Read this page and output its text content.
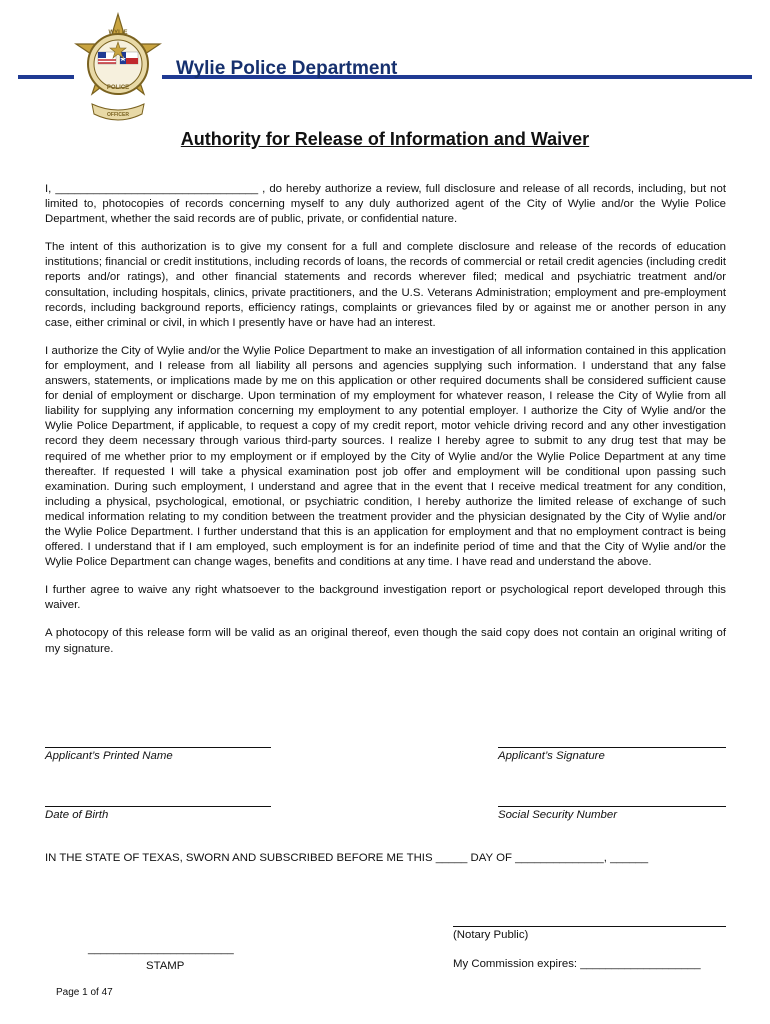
WYLIE
POLICE
OFFICER
Wylie Police Department
Authority for Release of Information and Waiver

I, ________________________________ , do hereby authorize a review, full disclosure and release of all records, including, but not limited to, photocopies of records concerning myself to any duly authorized agent of the City of Wylie and/or the Wylie Police Department, whether the said records are of public, private, or confidential nature.

The intent of this authorization is to give my consent for a full and complete disclosure and release of the records of education institutions; financial or credit institutions, including records of loans, the records of commercial or retail credit agencies (including credit reports and/or ratings), and other financial statements and records wherever filed; medical and psychiatric treatment and/or consultation, including hospitals, clinics, private practitioners, and the U.S. Veterans Administration; employment and pre-employment records, including background reports, efficiency ratings, complaints or grievances filed by or against me or another person in any case, either criminal or civil, in which I presently have or have had an interest.

I authorize the City of Wylie and/or the Wylie Police Department to make an investigation of all information contained in this application for employment, and I release from all liability all persons and agencies supplying such information. I understand that any false answers, statements, or implications made by me on this application or other required documents shall be considered sufficient cause for denial of employment or discharge. Upon termination of my employment for whatever reason, I release the City of Wylie from all liability for supplying any information concerning my employment to any potential employer. I authorize the City of Wylie and/or the Wylie Police Department, if applicable, to request a copy of my credit report, motor vehicle driving record and any other investigation record they deem necessary through various third-party sources. I realize I hereby agree to submit to any drug test that may be required of me whether prior to my employment or if employed by the City of Wylie and/or the Wylie Police Department at any time thereafter. If requested I will take a physical examination post job offer and employment will be conditional upon passing such examination. During such employment, I understand and agree that in the event that I receive medical treatment for any condition, including a physical, psychological, emotional, or psychiatric condition, I hereby authorize the limited release of exchange of such medical information relating to my condition between the treatment provider and the physician designated by the City of Wylie and/or the Wylie Police Department. I further understand that this is an application for employment and that no employment contract is being offered. I understand that if I am employed, such employment is for an indefinite period of time and that the City of Wylie and/or the Wylie Police Department can change wages, benefits and conditions at any time. I have read and understand the above.

I further agree to waive any right whatsoever to the background investigation report or psychological report developed through this waiver.

A photocopy of this release form will be valid as an original thereof, even though the said copy does not contain an original writing of my signature.

Applicant’s Printed Name	Applicant’s Signature
Date of Birth	Social Security Number
IN THE STATE OF TEXAS, SWORN AND SUBSCRIBED BEFORE ME THIS _____ DAY OF ______________, ______
(Notary Public)
My Commission expires: ___________________
_______________________
STAMP
Page 1 of 47
